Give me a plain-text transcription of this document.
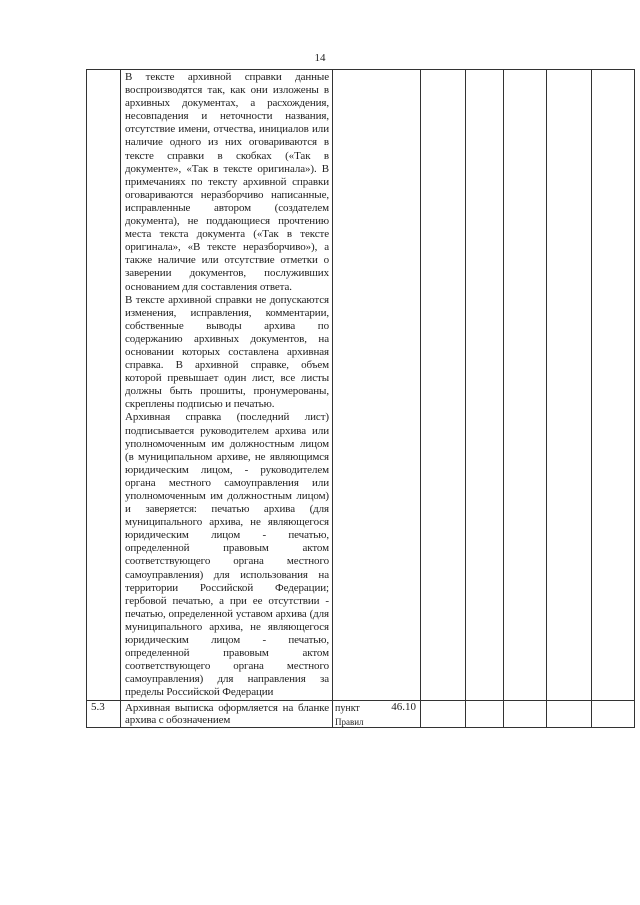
14

	В тексте архивной справки данные воспроизводятся так, как они изложены в архивных документах, а расхождения, несовпадения и неточности названия, отсутствие имени, отчества, инициалов или наличие одного из них оговариваются в тексте справки в скобках («Так в документе», «Так в тексте оригинала»). В примечаниях по тексту архивной справки оговариваются неразборчиво написанные, исправленные автором (создателем документа), не поддающиеся прочтению места текста документа («Так в тексте оригинала», «В тексте неразборчиво»), а также наличие или отсутствие отметки о заверении документов, послуживших основанием для составления ответа.

В тексте архивной справки не допускаются изменения, исправления, комментарии, собственные выводы архива по содержанию архивных документов, на основании которых составлена архивная справка. В архивной справке, объем которой превышает один лист, все листы должны быть прошиты, пронумерованы, скреплены подписью и печатью.

Архивная справка (последний лист) подписывается руководителем архива или уполномоченным им должностным лицом (в муниципальном архиве, не являющимся юридическим лицом, - руководителем органа местного самоуправления или уполномоченным им должностным лицом) и заверяется: печатью архива (для муниципального архива, не являющегося юридическим лицом - печатью, определенной правовым актом соответствующего органа местного самоуправления) для использования на территории Российской Федерации; гербовой печатью, а при ее отсутствии - печатью, определенной уставом архива (для муниципального архива, не являющегося юридическим лицом - печатью, определенной правовым актом соответствующего органа местного самоуправления) для направления за пределы Российской Федерации						

5.3	Архивная выписка оформляется на бланке архива с обозначением	пункт 46.10
Правил					
